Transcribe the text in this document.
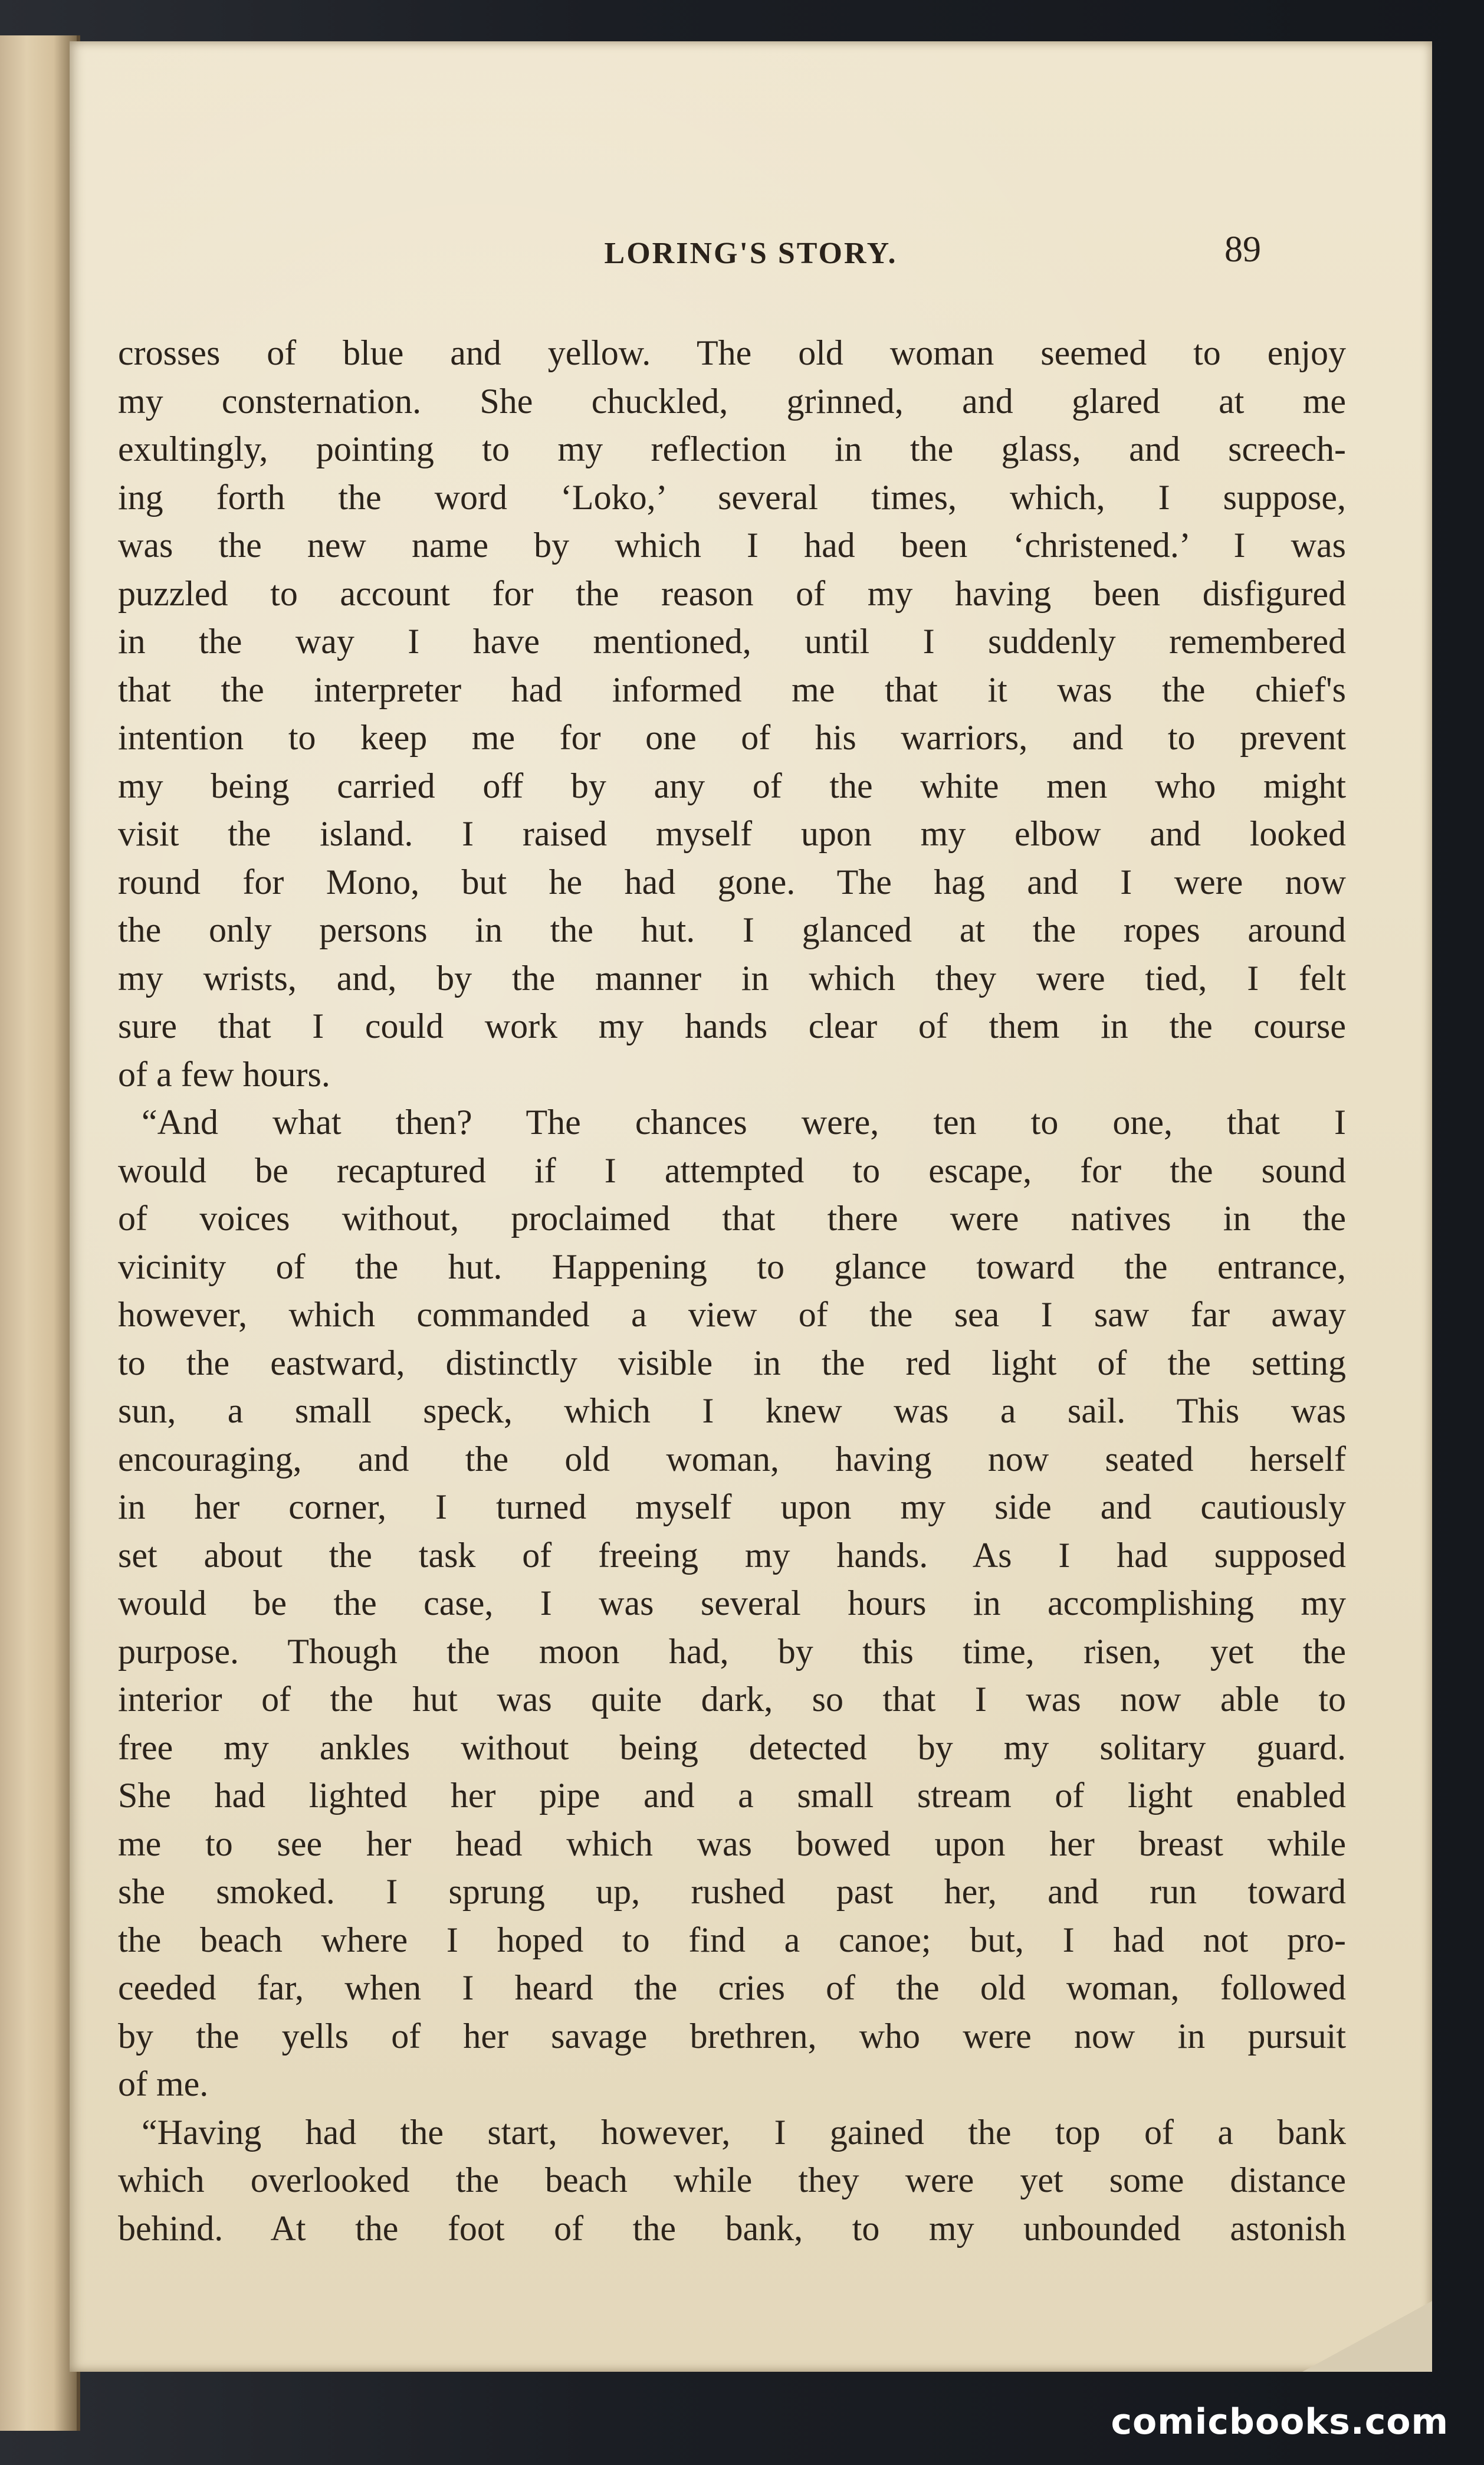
LORING'S STORY.	89
crosses of blue and yellow. The old woman seemed to enjoy
my consternation. She chuckled, grinned, and glared at me
exultingly, pointing to my reflection in the glass, and screech-
ing forth the word ‘Loko,’ several times, which, I suppose,
was the new name by which I had been ‘christened.’ I was
puzzled to account for the reason of my having been disfigured
in the way I have mentioned, until I suddenly remembered
that the interpreter had informed me that it was the chief's
intention to keep me for one of his warriors, and to prevent
my being carried off by any of the white men who might
visit the island. I raised myself upon my elbow and looked
round for Mono, but he had gone. The hag and I were now
the only persons in the hut. I glanced at the ropes around
my wrists, and, by the manner in which they were tied, I felt
sure that I could work my hands clear of them in the course
of a few hours.
“And what then? The chances were, ten to one, that I
would be recaptured if I attempted to escape, for the sound
of voices without, proclaimed that there were natives in the
vicinity of the hut. Happening to glance toward the entrance,
however, which commanded a view of the sea I saw far away
to the eastward, distinctly visible in the red light of the setting
sun, a small speck, which I knew was a sail. This was
encouraging, and the old woman, having now seated herself
in her corner, I turned myself upon my side and cautiously
set about the task of freeing my hands. As I had supposed
would be the case, I was several hours in accomplishing my
purpose. Though the moon had, by this time, risen, yet the
interior of the hut was quite dark, so that I was now able to
free my ankles without being detected by my solitary guard.
She had lighted her pipe and a small stream of light enabled
me to see her head which was bowed upon her breast while
she smoked. I sprung up, rushed past her, and run toward
the beach where I hoped to find a canoe; but, I had not pro-
ceeded far, when I heard the cries of the old woman, followed
by the yells of her savage brethren, who were now in pursuit
of me.
“Having had the start, however, I gained the top of a bank
which overlooked the beach while they were yet some distance
behind. At the foot of the bank, to my unbounded astonish
comicbooks.com
